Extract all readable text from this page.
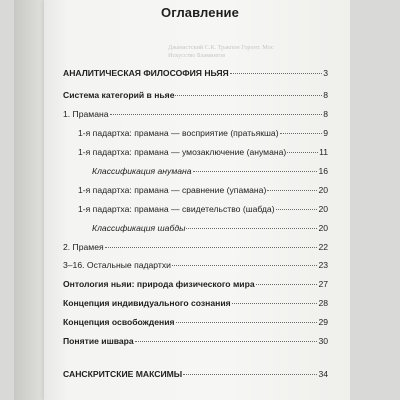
Джанастский С.К. Тракпон Горонт. Мос
Искусство Бламингов
Оглавление
АНАЛИТИЧЕСКАЯ ФИЛОСОФИЯ НЬЯЯ	3
Система категорий в ньяе	8
1. Прамана	8
1-я падартха: прамана — восприятие (пратьякша)	9
1-я падартха: прамана — умозаключение (анумана)	11
Классификация анумана	16
1-я падартха: прамана — сравнение (упамана)	20
1-я падартха: прамана — свидетельство (шабда)	20
Классификация шабды	20
2. Прамея	22
3–16. Остальные падартхи	23
Онтология ньяи: природа физического мира	27
Концепция индивидуального сознания	28
Концепция освобождения	29
Понятие ишвара	30
САНСКРИТСКИЕ МАКСИМЫ	34
